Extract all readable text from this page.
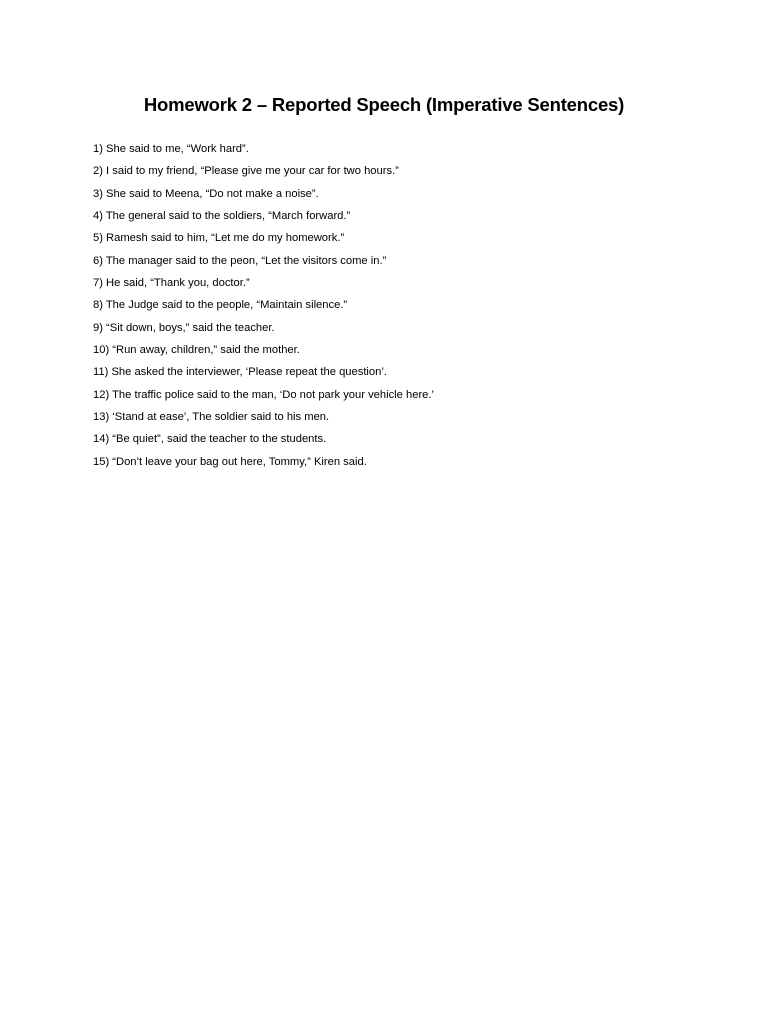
Homework 2 – Reported Speech (Imperative Sentences)
1) She said to me, “Work hard”.
2) I said to my friend, “Please give me your car for two hours.”
3) She said to Meena, “Do not make a noise”.
4) The general said to the soldiers, “March forward.”
5) Ramesh said to him, “Let me do my homework.”
6) The manager said to the peon, “Let the visitors come in.”
7) He said, “Thank you, doctor.”
8) The Judge said to the people, “Maintain silence.”
9) “Sit down, boys,” said the teacher.
10) “Run away, children,” said the mother.
11) She asked the interviewer, ‘Please repeat the question’.
12) The traffic police said to the man, ‘Do not park your vehicle here.’
13) ‘Stand at ease’, The soldier said to his men.
14) “Be quiet”, said the teacher to the students.
15) “Don’t leave your bag out here, Tommy,” Kiren said.
